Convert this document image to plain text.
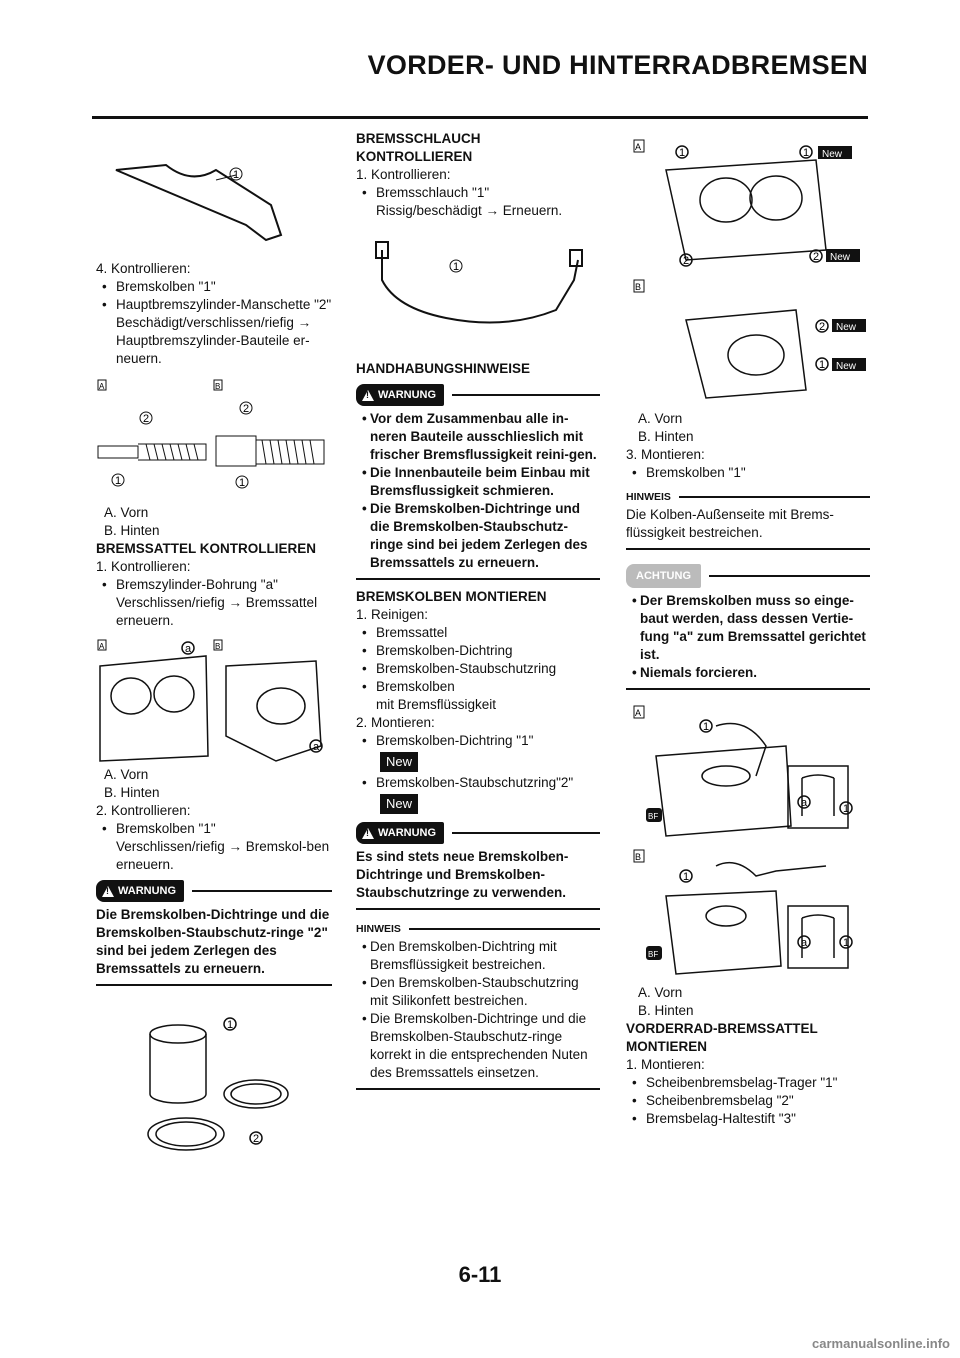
VORDER- UND HINTERRADBREMSEN
1

4. Kontrollieren:

• Bremskolben "1"

• Hauptbremszylinder-Manschette "2"

Beschädigt/verschlissen/riefig → Hauptbremszylinder-Bauteile er-neuern.

A	B
2
2
1	1

A. Vorn

B. Hinten

BREMSSATTEL KONTROLLIEREN

1. Kontrollieren:

• Bremszylinder-Bohrung "a"

Verschlissen/riefig → Bremssattel erneuern.

A	B
a
a

A. Vorn

B. Hinten

2. Kontrollieren:

• Bremskolben "1"

Verschlissen/riefig → Bremskol-ben erneuern.

!
WARNUNG

Die Bremskolben-Dichtringe und die Bremskolben-Staubschutz-ringe "2" sind bei jedem Zerlegen des Bremssattels zu erneuern.

1
2

BREMSSCHLAUCH KONTROLLIEREN

1. Kontrollieren:

• Bremsschlauch "1"

Rissig/beschädigt → Erneuern.

1

HANDHABUNGSHINWEISE

!
WARNUNG

• Vor dem Zusammenbau alle in-neren Bauteile ausschlieslich mit frischer Bremsflussigkeit reini-gen.

• Die Innenbauteile beim Einbau mit Bremsflussigkeit schmieren.

• Die Bremskolben-Dichtringe und die Bremskolben-Staubschutz-ringe sind bei jedem Zerlegen des Bremssattels zu erneuern.

BREMSKOLBEN MONTIEREN

1. Reinigen:

• Bremssattel

• Bremskolben-Dichtring

• Bremskolben-Staubschutzring

• Bremskolben

mit Bremsflüssigkeit

2. Montieren:

• Bremskolben-Dichtring "1"

New

• Bremskolben-Staubschutzring"2"

New
!
WARNUNG

Es sind stets neue Bremskolben-Dichtringe und Bremskolben-Staubschutzringe zu verwenden.

HINWEIS

• Den Bremskolben-Dichtring mit Bremsflüssigkeit bestreichen.

• Den Bremskolben-Staubschutzring mit Silikonfett bestreichen.

• Die Bremskolben-Dichtringe und die Bremskolben-Staubschutz-ringe korrekt in die entsprechenden Nuten des Bremssattels einsetzen.

A
B
1	1 New
2	2 New
2 New
1 New

A. Vorn

B. Hinten

3. Montieren:

• Bremskolben "1"

HINWEIS

Die Kolben-Außenseite mit Brems-flüssigkeit bestreichen.

ACHTUNG

• Der Bremskolben muss so einge-baut werden, dass dessen Vertie-fung "a" zum Bremssattel gerichtet ist.

• Niemals forcieren.

A
B
1
1
a	1
a	1
BF
BF

A. Vorn

B. Hinten

VORDERRAD-BREMSSATTEL MONTIEREN

1. Montieren:

• Scheibenbremsbelag-Trager "1"

• Scheibenbremsbelag "2"

• Bremsbelag-Haltestift "3"

6-11
carmanualsonline.info
